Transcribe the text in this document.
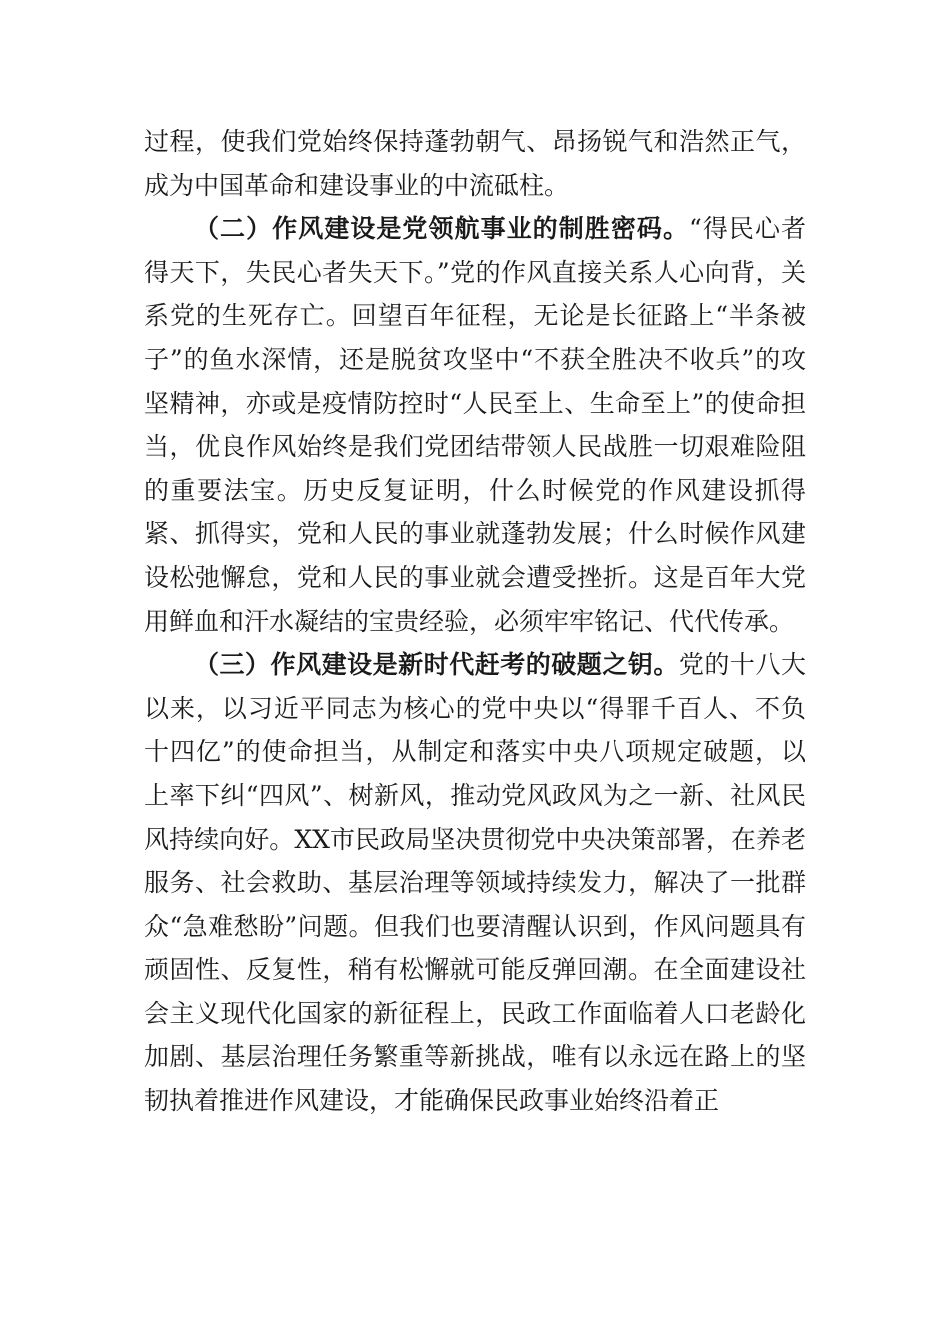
过程，使我们党始终保持蓬勃朝气、昂扬锐气和浩然正气，成为中国革命和建设事业的中流砥柱。

（二）作风建设是党领航事业的制胜密码。“得民心者得天下，失民心者失天下。”党的作风直接关系人心向背，关系党的生死存亡。回望百年征程，无论是长征路上“半条被子”的鱼水深情，还是脱贫攻坚中“不获全胜决不收兵”的攻坚精神，亦或是疫情防控时“人民至上、生命至上”的使命担当，优良作风始终是我们党团结带领人民战胜一切艰难险阻的重要法宝。历史反复证明，什么时候党的作风建设抓得紧、抓得实，党和人民的事业就蓬勃发展；什么时候作风建设松弛懈怠，党和人民的事业就会遭受挫折。这是百年大党用鲜血和汗水凝结的宝贵经验，必须牢牢铭记、代代传承。

（三）作风建设是新时代赶考的破题之钥。党的十八大以来，以习近平同志为核心的党中央以“得罪千百人、不负十四亿”的使命担当，从制定和落实中央八项规定破题，以上率下纠“四风”、树新风，推动党风政风为之一新、社风民风持续向好。XX市民政局坚决贯彻党中央决策部署，在养老服务、社会救助、基层治理等领域持续发力，解决了一批群众“急难愁盼”问题。但我们也要清醒认识到，作风问题具有顽固性、反复性，稍有松懈就可能反弹回潮。在全面建设社会主义现代化国家的新征程上，民政工作面临着人口老龄化加剧、基层治理任务繁重等新挑战，唯有以永远在路上的坚韧执着推进作风建设，才能确保民政事业始终沿着正
